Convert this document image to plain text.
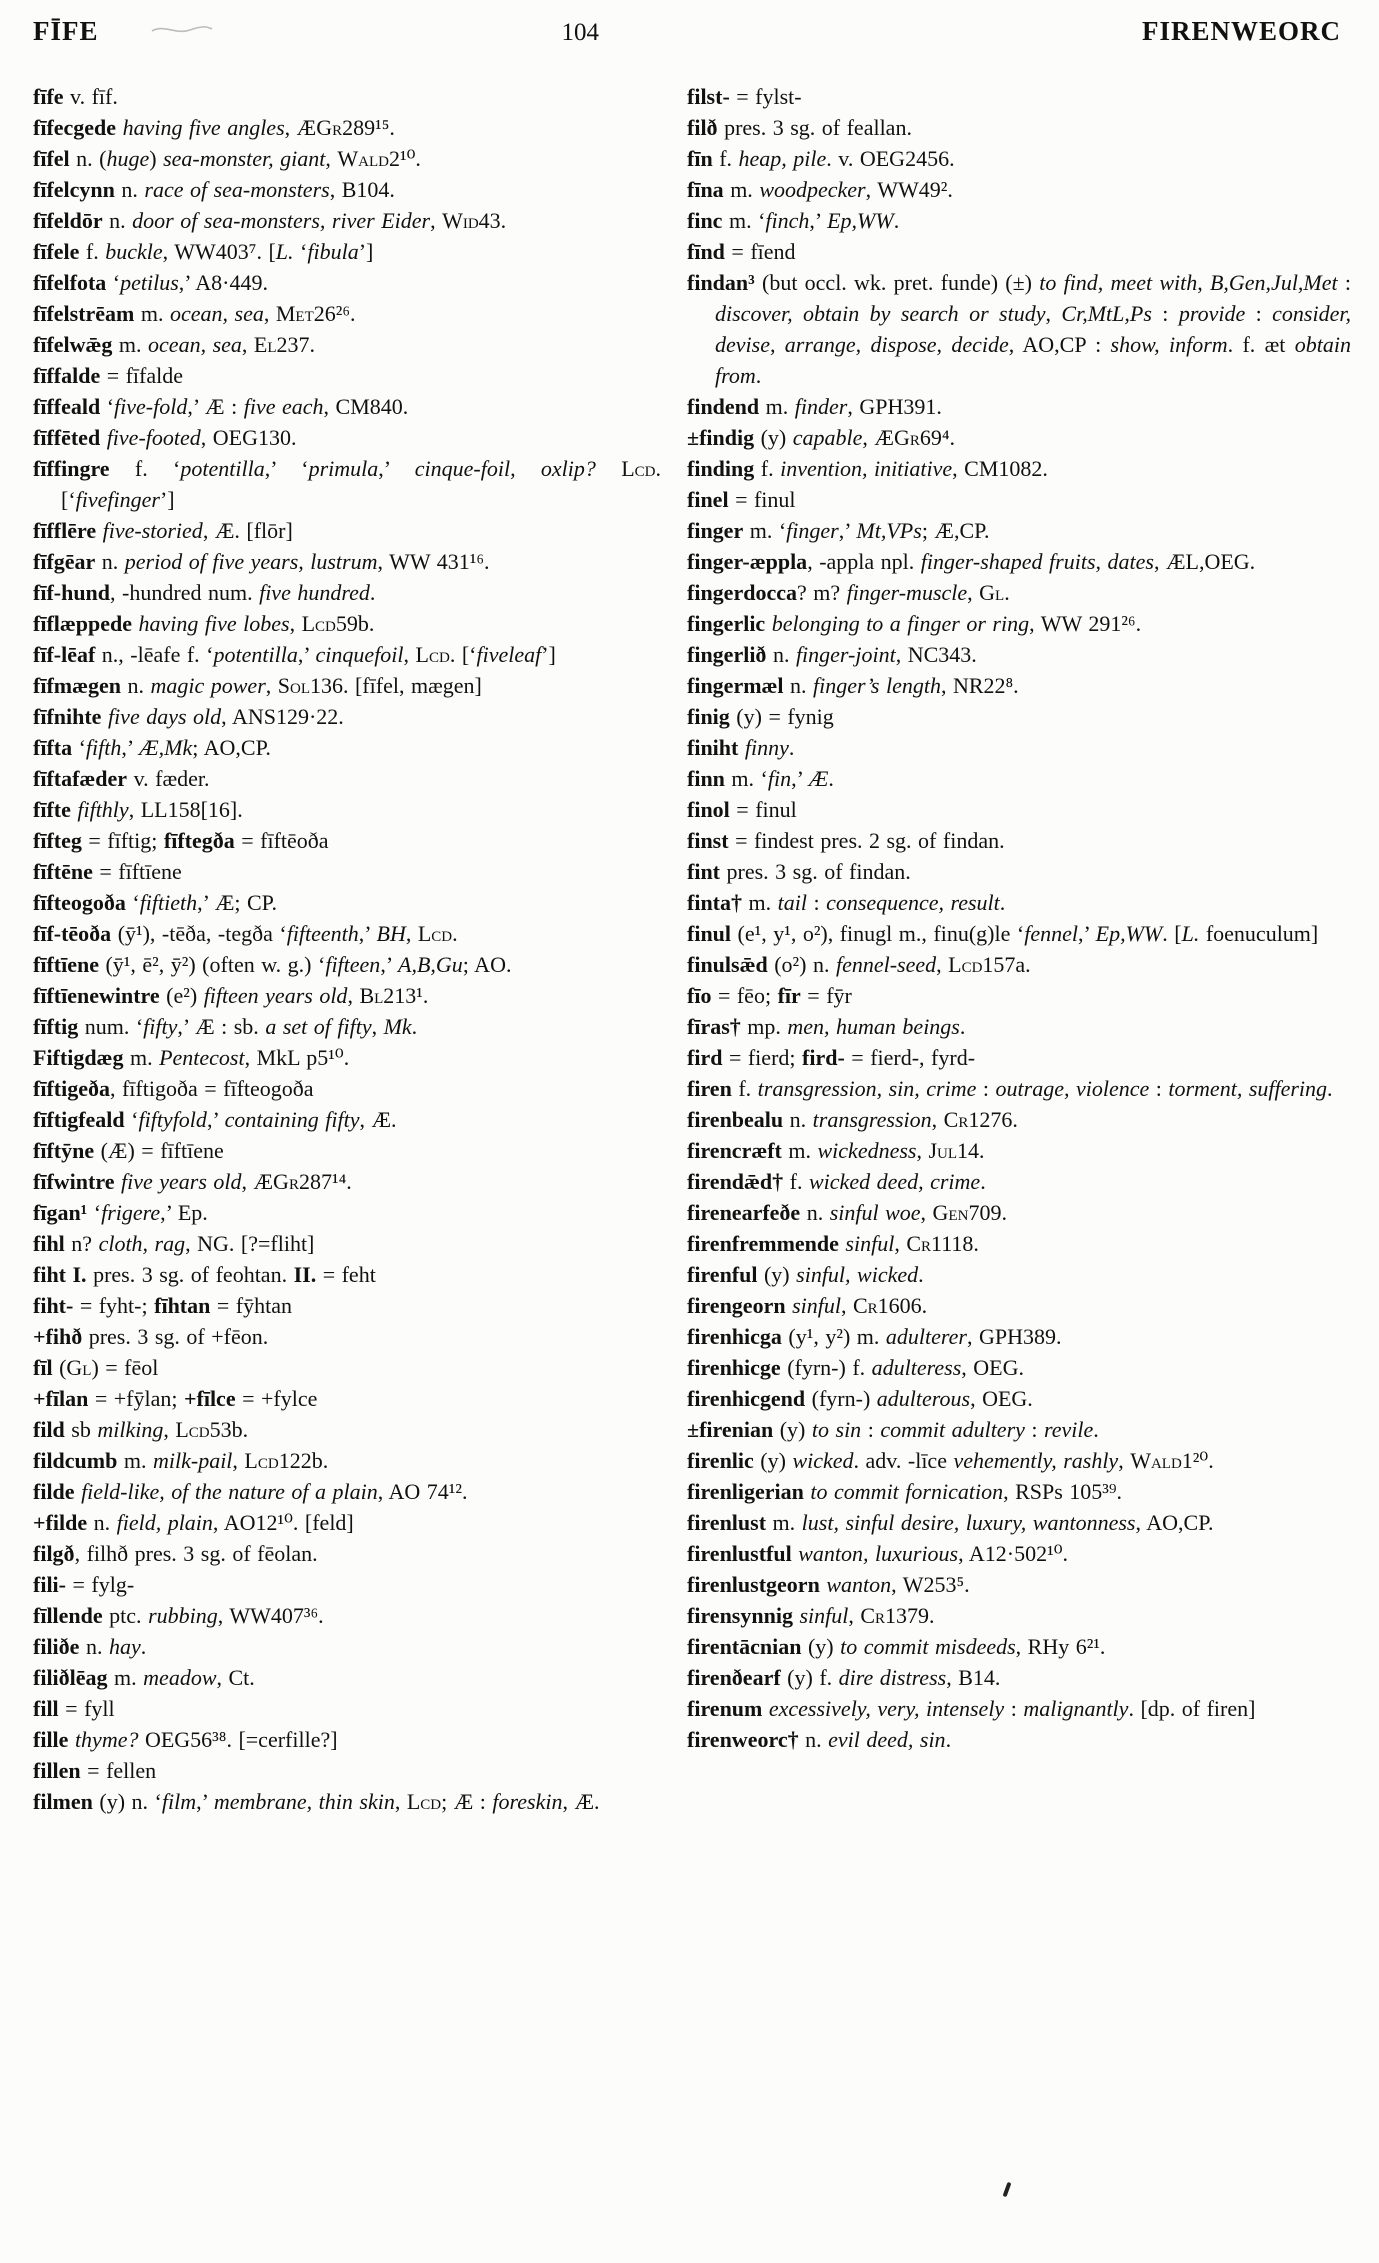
FĪFE	104	FIRENWEORC

fīfe v. fīf.

fīfecgede having five angles, ÆGr289¹⁵.

fīfel n. (huge) sea-monster, giant, Wald2¹⁰.

fīfelcynn n. race of sea-monsters, B104.

fīfeldōr n. door of sea-monsters, river Eider, Wid43.

fīfele f. buckle, WW403⁷. [L. ‘fibula’]

fīfelfota ‘petilus,’ A8·449.

fīfelstrēam m. ocean, sea, Met26²⁶.

fīfelwǣg m. ocean, sea, El237.

fīffalde = fīfalde

fīffeald ‘five-fold,’ Æ : five each, CM840.

fīffēted five-footed, OEG130.

fīffingre f. ‘potentilla,’ ‘primula,’ cinque-foil, oxlip? Lcd. [‘fivefinger’]

fīfflēre five-storied, Æ. [flōr]

fīfgēar n. period of five years, lustrum, WW 431¹⁶.

fīf-hund, -hundred num. five hundred.

fīflæppede having five lobes, Lcd59b.

fīf-lēaf n., -lēafe f. ‘potentilla,’ cinquefoil, Lcd. [‘fiveleaf’]

fīfmægen n. magic power, Sol136. [fīfel, mægen]

fīfnihte five days old, ANS129·22.

fīfta ‘fifth,’ Æ,Mk; AO,CP.

fīftafæder v. fæder.

fīfte fifthly, LL158[16].

fīfteg = fīftig; fīftegða = fīftēoða

fīftēne = fīftīene

fīfteogoða ‘fiftieth,’ Æ; CP.

fīf-tēoða (ȳ¹), -tēða, -tegða ‘fifteenth,’ BH, Lcd.

fīftīene (ȳ¹, ē², ȳ²) (often w. g.) ‘fifteen,’ A,B,Gu; AO.

fīftīenewintre (e²) fifteen years old, Bl213¹.

fīftig num. ‘fifty,’ Æ : sb. a set of fifty, Mk.

Fiftigdæg m. Pentecost, MkL p5¹⁰.

fīftigeða, fīftigoða = fīfteogoða

fīftigfeald ‘fiftyfold,’ containing fifty, Æ.

fīftȳne (Æ) = fīftīene

fīfwintre five years old, ÆGr287¹⁴.

fīgan¹ ‘frigere,’ Ep.

fihl n? cloth, rag, NG. [?=fliht]

fiht I. pres. 3 sg. of feohtan. II. = feht

fiht- = fyht-; fīhtan = fȳhtan

+fihð pres. 3 sg. of +fēon.

fīl (Gl) = fēol

+fīlan = +fȳlan; +fīlce = +fylce

fild sb milking, Lcd53b.

fildcumb m. milk-pail, Lcd122b.

filde field-like, of the nature of a plain, AO 74¹².

+filde n. field, plain, AO12¹⁰. [feld]

filgð, filhð pres. 3 sg. of fēolan.

fili- = fylg-

fīllende ptc. rubbing, WW407³⁶.

filiðe n. hay.

filiðlēag m. meadow, Ct.

fill = fyll

fille thyme? OEG56³⁸. [=cerfille?]

fillen = fellen

filmen (y) n. ‘film,’ membrane, thin skin, Lcd; Æ : foreskin, Æ.

filst- = fylst-

filð pres. 3 sg. of feallan.

fīn f. heap, pile. v. OEG2456.

fīna m. woodpecker, WW49².

finc m. ‘finch,’ Ep,WW.

fīnd = fīend

findan³ (but occl. wk. pret. funde) (±) to find, meet with, B,Gen,Jul,Met : discover, obtain by search or study, Cr,MtL,Ps : provide : consider, devise, arrange, dispose, decide, AO,CP : show, inform. f. æt obtain from.

findend m. finder, GPH391.

±findig (y) capable, ÆGr69⁴.

finding f. invention, initiative, CM1082.

finel = finul

finger m. ‘finger,’ Mt,VPs; Æ,CP.

finger-æppla, -appla npl. finger-shaped fruits, dates, ÆL,OEG.

fingerdocca? m? finger-muscle, Gl.

fingerlic belonging to a finger or ring, WW 291²⁶.

fingerlið n. finger-joint, NC343.

fingermæl n. finger’s length, NR22⁸.

finig (y) = fynig

finiht finny.

finn m. ‘fin,’ Æ.

finol = finul

finst = findest pres. 2 sg. of findan.

fint pres. 3 sg. of findan.

finta† m. tail : consequence, result.

finul (e¹, y¹, o²), finugl m., finu(g)le ‘fennel,’ Ep,WW. [L. foenuculum]

finulsǣd (o²) n. fennel-seed, Lcd157a.

fīo = fēo; fīr = fȳr

fīras† mp. men, human beings.

fird = fierd; fird- = fierd-, fyrd-

firen f. transgression, sin, crime : outrage, violence : torment, suffering.

firenbealu n. transgression, Cr1276.

firencræft m. wickedness, Jul14.

firendǣd† f. wicked deed, crime.

firenearfeðe n. sinful woe, Gen709.

firenfremmende sinful, Cr1118.

firenful (y) sinful, wicked.

firengeorn sinful, Cr1606.

firenhicga (y¹, y²) m. adulterer, GPH389.

firenhicge (fyrn-) f. adulteress, OEG.

firenhicgend (fyrn-) adulterous, OEG.

±firenian (y) to sin : commit adultery : revile.

firenlic (y) wicked. adv. -līce vehemently, rashly, Wald1²⁰.

firenligerian to commit fornication, RSPs 105³⁹.

firenlust m. lust, sinful desire, luxury, wantonness, AO,CP.

firenlustful wanton, luxurious, A12·502¹⁰.

firenlustgeorn wanton, W253⁵.

firensynnig sinful, Cr1379.

firentācnian (y) to commit misdeeds, RHy 6²¹.

firenðearf (y) f. dire distress, B14.

firenum excessively, very, intensely : malignantly. [dp. of firen]

firenweorc† n. evil deed, sin.
